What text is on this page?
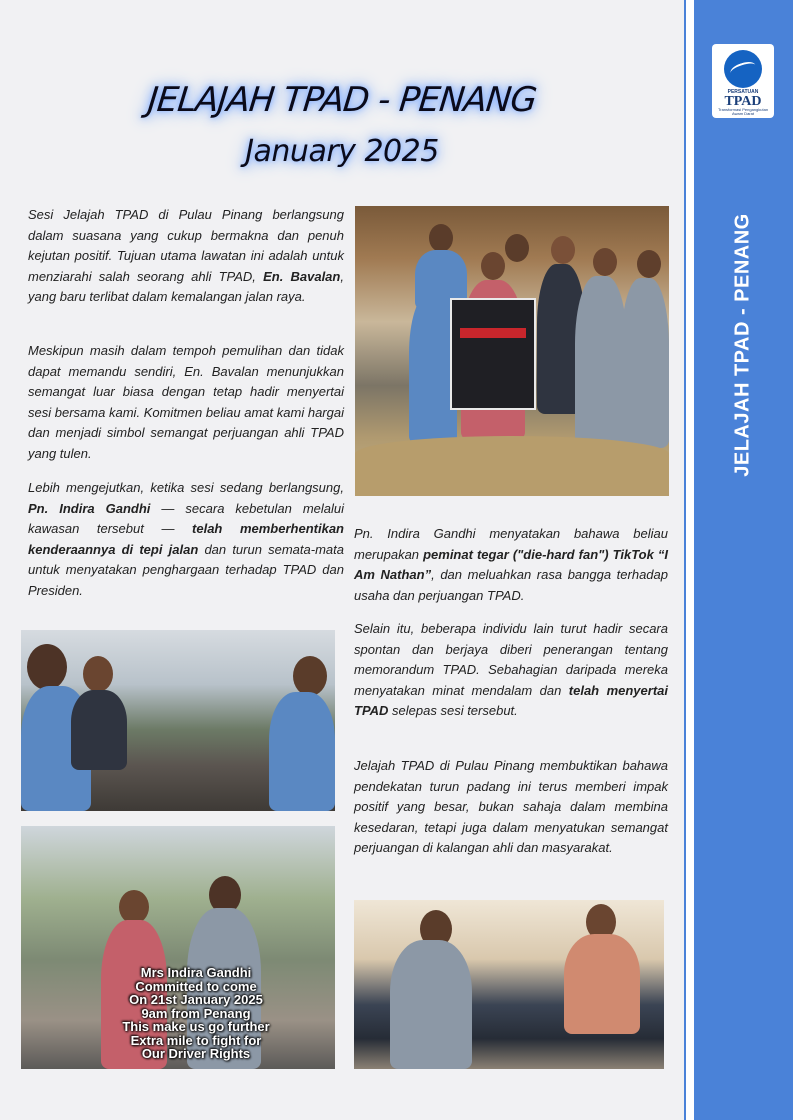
JELAJAH TPAD - PENANG
January 2025

Sesi Jelajah TPAD di Pulau Pinang berlangsung dalam suasana yang cukup bermakna dan penuh kejutan positif. Tujuan utama lawatan ini adalah untuk menziarahi salah seorang ahli TPAD, En. Bavalan, yang baru terlibat dalam kemalangan jalan raya.

Meskipun masih dalam tempoh pemulihan dan tidak dapat memandu sendiri, En. Bavalan menunjukkan semangat luar biasa dengan tetap hadir menyertai sesi bersama kami. Komitmen beliau amat kami hargai dan menjadi simbol semangat perjuangan ahli TPAD yang tulen.

Lebih mengejutkan, ketika sesi sedang berlangsung, Pn. Indira Gandhi — secara kebetulan melalui kawasan tersebut — telah memberhentikan kenderaannya di tepi jalan dan turun semata-mata untuk menyatakan penghargaan terhadap TPAD dan Presiden.

Pn. Indira Gandhi menyatakan bahawa beliau merupakan peminat tegar ("die-hard fan") TikTok “I Am Nathan”, dan meluahkan rasa bangga terhadap usaha dan perjuangan TPAD.

Selain itu, beberapa individu lain turut hadir secara spontan dan berjaya diberi penerangan tentang memorandum TPAD. Sebahagian daripada mereka menyatakan minat mendalam dan telah menyertai TPAD selepas sesi tersebut.

Jelajah TPAD di Pulau Pinang membuktikan bahawa pendekatan turun padang ini terus memberi impak positif yang besar, bukan sahaja dalam membina kesedaran, tetapi juga dalam menyatukan semangat perjuangan di kalangan ahli dan masyarakat.

Mrs Indira Gandhi
Committed to come
On 21st January 2025
9am from Penang
This make us go further
Extra mile to fight for
Our Driver Rights
PERSATUAN
TPAD
Transformasi Pengangkutan Awam Darat
JELAJAH TPAD - PENANG
